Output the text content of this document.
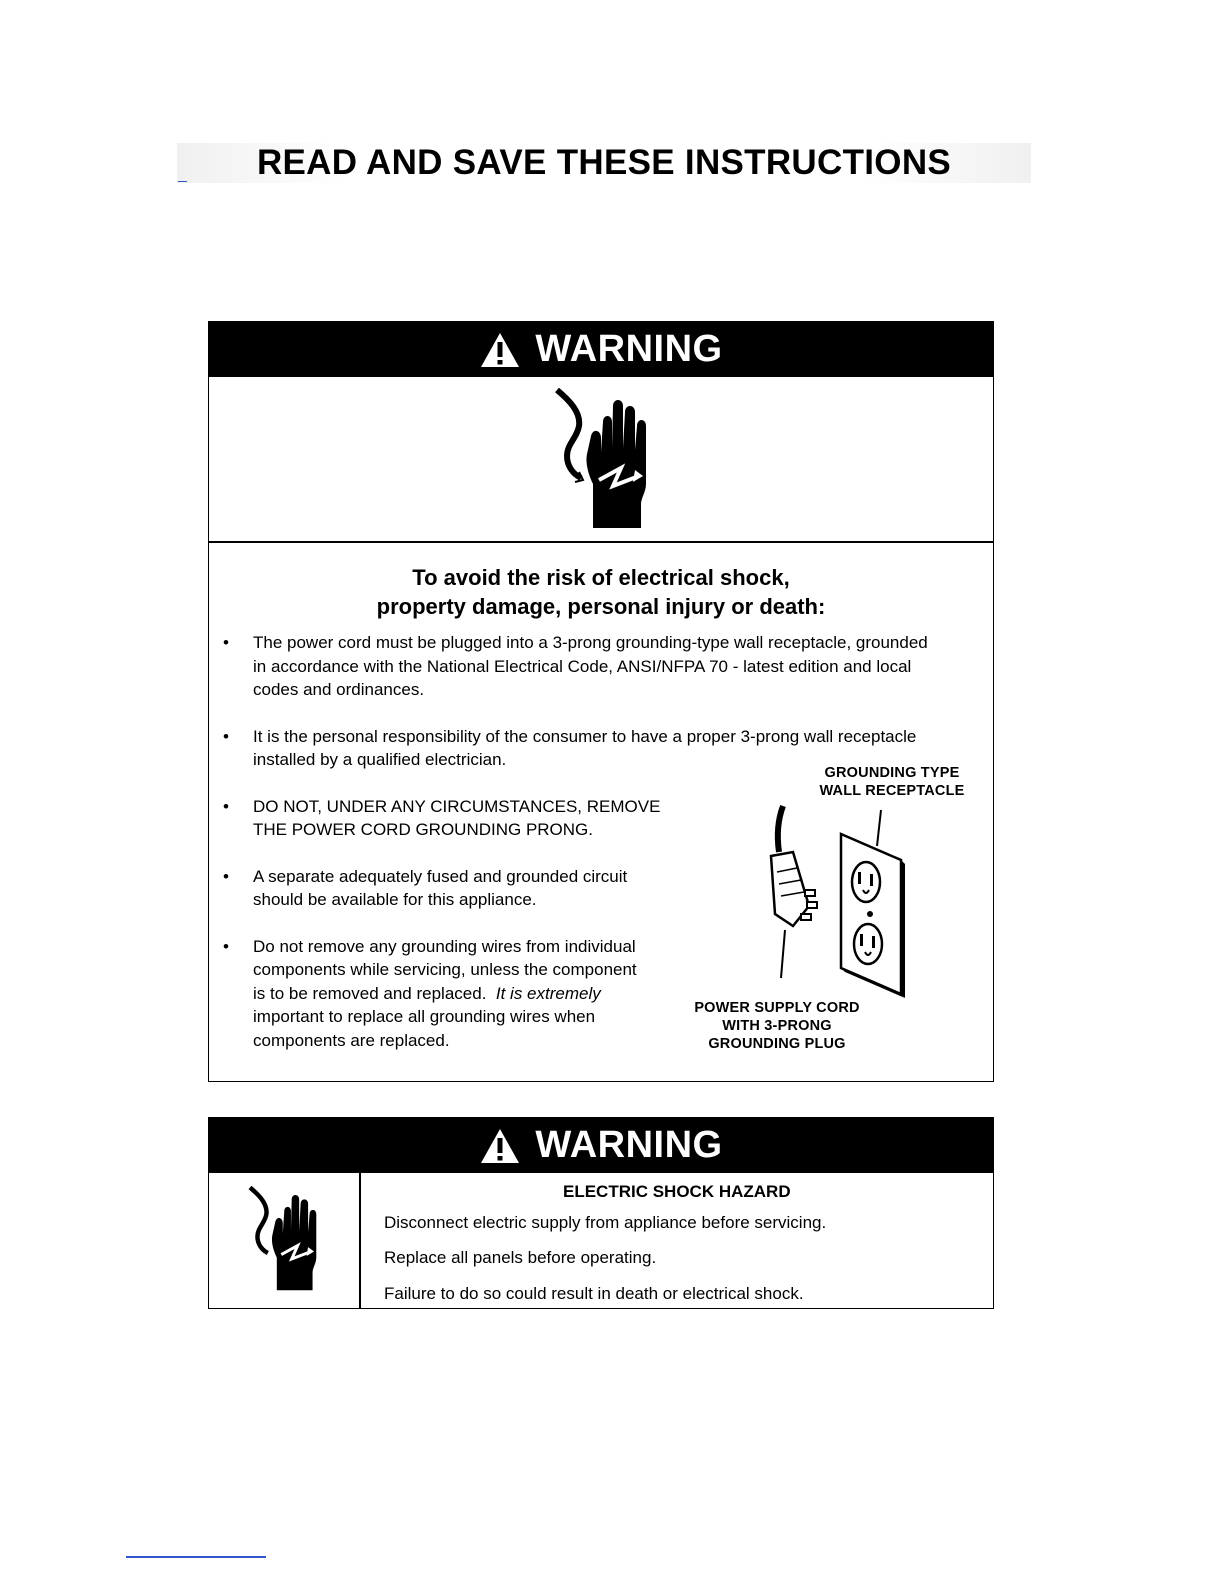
READ AND SAVE THESE INSTRUCTIONS
WARNING
To avoid the risk of electrical shock,
property damage, personal injury or death:
• The power cord must be plugged into a 3-prong grounding-type wall receptacle, grounded
in accordance with the National Electrical Code, ANSI/NFPA 70 - latest edition and local
codes and ordinances.
• It is the personal responsibility of the consumer to have a proper 3-prong wall receptacle
installed by a qualified electrician.
• DO NOT, UNDER ANY CIRCUMSTANCES, REMOVE
THE POWER CORD GROUNDING PRONG.
• A separate adequately fused and grounded circuit
should be available for this appliance.
• Do not remove any grounding wires from individual
components while servicing, unless the component
is to be removed and replaced. It is extremely
important to replace all grounding wires when
components are replaced.
GROUNDING TYPE
WALL RECEPTACLE
POWER SUPPLY CORD
WITH 3-PRONG
GROUNDING PLUG
WARNING
ELECTRIC SHOCK HAZARD
Disconnect electric supply from appliance before servicing.
Replace all panels before operating.
Failure to do so could result in death or electrical shock.
